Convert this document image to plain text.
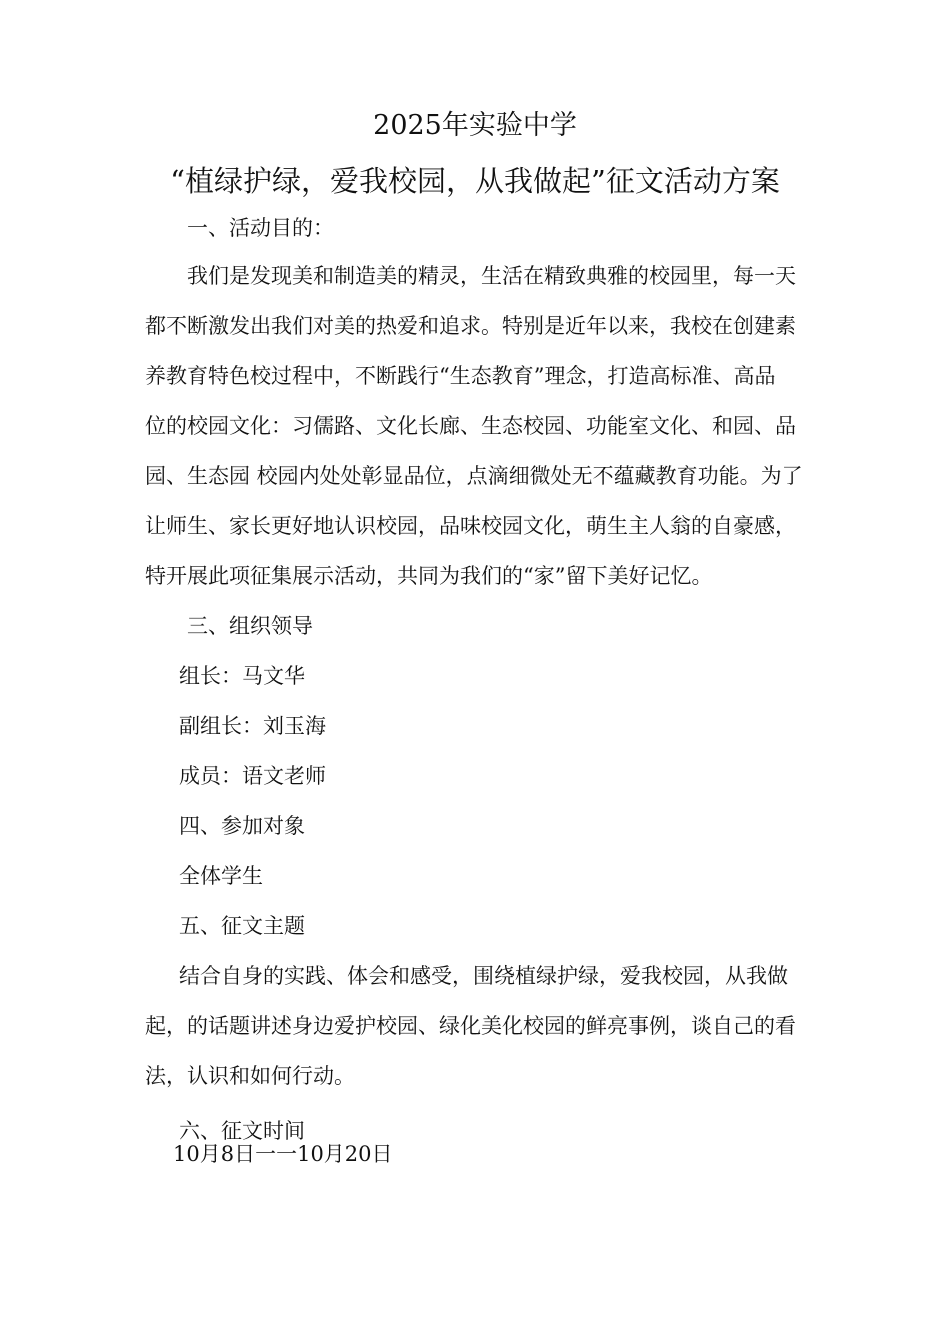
2025年实验中学
“植绿护绿，爱我校园，从我做起”征文活动方案
一、活动目的：
我们是发现美和制造美的精灵，生活在精致典雅的校园里，每一天
都不断激发出我们对美的热爱和追求。特别是近年以来，我校在创建素
养教育特色校过程中，不断践行“生态教育”理念，打造高标准、高品
位的校园文化：习儒路、文化长廊、生态校园、功能室文化、和园、品
园、生态园 校园内处处彰显品位，点滴细微处无不蕴藏教育功能。为了
让师生、家长更好地认识校园，品味校园文化，萌生主人翁的自豪感，
特开展此项征集展示活动，共同为我们的“家”留下美好记忆。
三、组织领导
组长：马文华
副组长：刘玉海
成员：语文老师
四、参加对象
全体学生
五、征文主题
结合自身的实践、体会和感受，围绕植绿护绿，爱我校园，从我做
起，的话题讲述身边爱护校园、绿化美化校园的鲜亮事例，谈自己的看
法，认识和如何行动。
六、征文时间
10月8日一一10月20日
